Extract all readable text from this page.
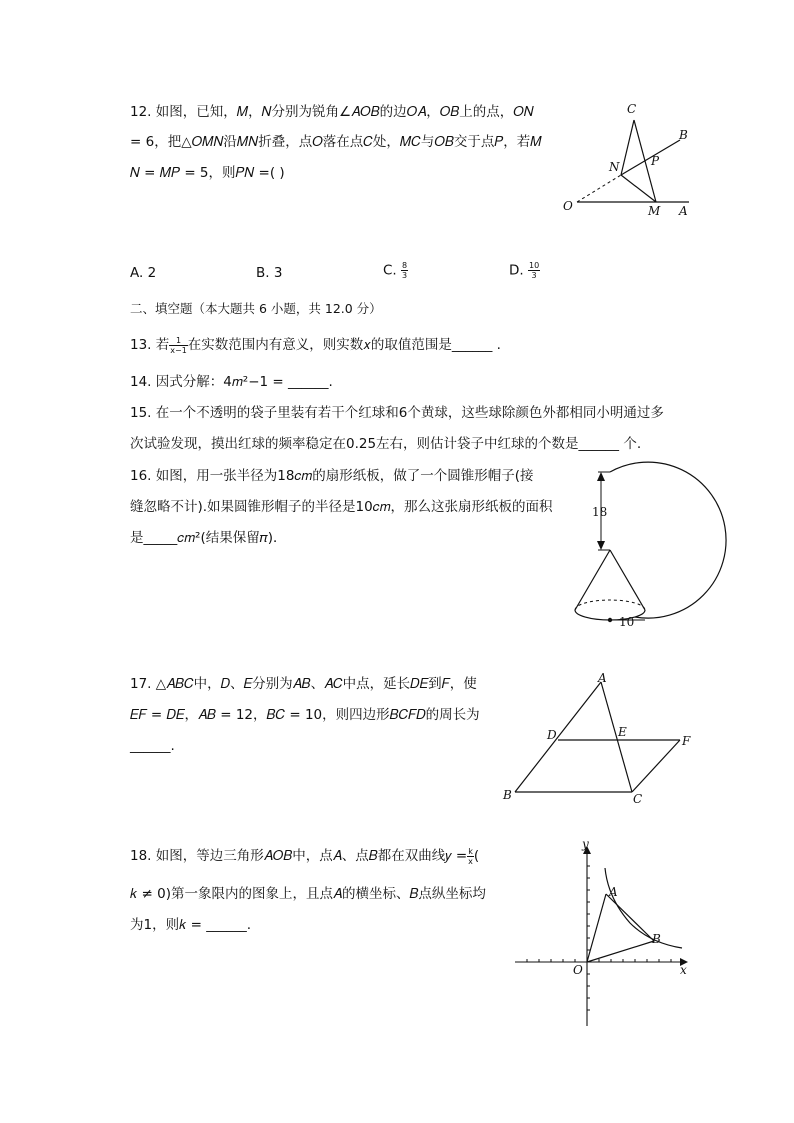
12. 如图，已知，𝑀，𝑁分别为锐角∠𝐴𝑂𝐵的边𝑂𝐴，𝑂𝐵上的点，𝑂𝑁
= 6，把△𝑂𝑀𝑁沿𝑀𝑁折叠，点𝑂落在点𝐶处，𝑀𝐶与𝑂𝐵交于点𝑃，若𝑀
𝑁 = 𝑀𝑃 = 5，则𝑃𝑁 =( )
C
B
N	P
O	M A
A. 2	B. 3	C. $\frac{8}{3}$	D. $\frac{10}{3}$
二、填空题（本大题共 6 小题，共 12.0 分）
13. 若 $\frac{1}{x-1}$ 在实数范围内有意义，则实数𝑥的取值范围是______ .
14. 因式分解：4𝑚²−1 = ______.
15. 在一个不透明的袋子里装有若干个红球和6个黄球，这些球除颜色外都相同小明通过多
次试验发现，摸出红球的频率稳定在0.25左右，则估计袋子中红球的个数是______ 个.
16. 如图，用一张半径为18𝑐𝑚的扇形纸板，做了一个圆锥形帽子(接
缝忽略不计).如果圆锥形帽子的半径是10𝑐𝑚，那么这张扇形纸板的面积
是_____𝑐𝑚²(结果保留𝜋)．
18
10
17. △𝐴𝐵𝐶中，𝐷、𝐸分别为𝐴𝐵、𝐴𝐶中点，延长𝐷𝐸到𝐹，使
𝐸𝐹 = 𝐷𝐸，𝐴𝐵 = 12，𝐵𝐶 = 10，则四边形𝐵𝐶𝐹𝐷的周长为
______.
A
D	E
F
B	C
18. 如图，等边三角形𝐴𝑂𝐵中，点𝐴、点𝐵都在双曲线𝑦 = $\frac{k}{x}$ (
𝑘 ≠ 0)第一象限内的图象上，且点𝐴的横坐标、𝐵点纵坐标均
为1，则𝑘 = ______.
y
x
O
A
B
